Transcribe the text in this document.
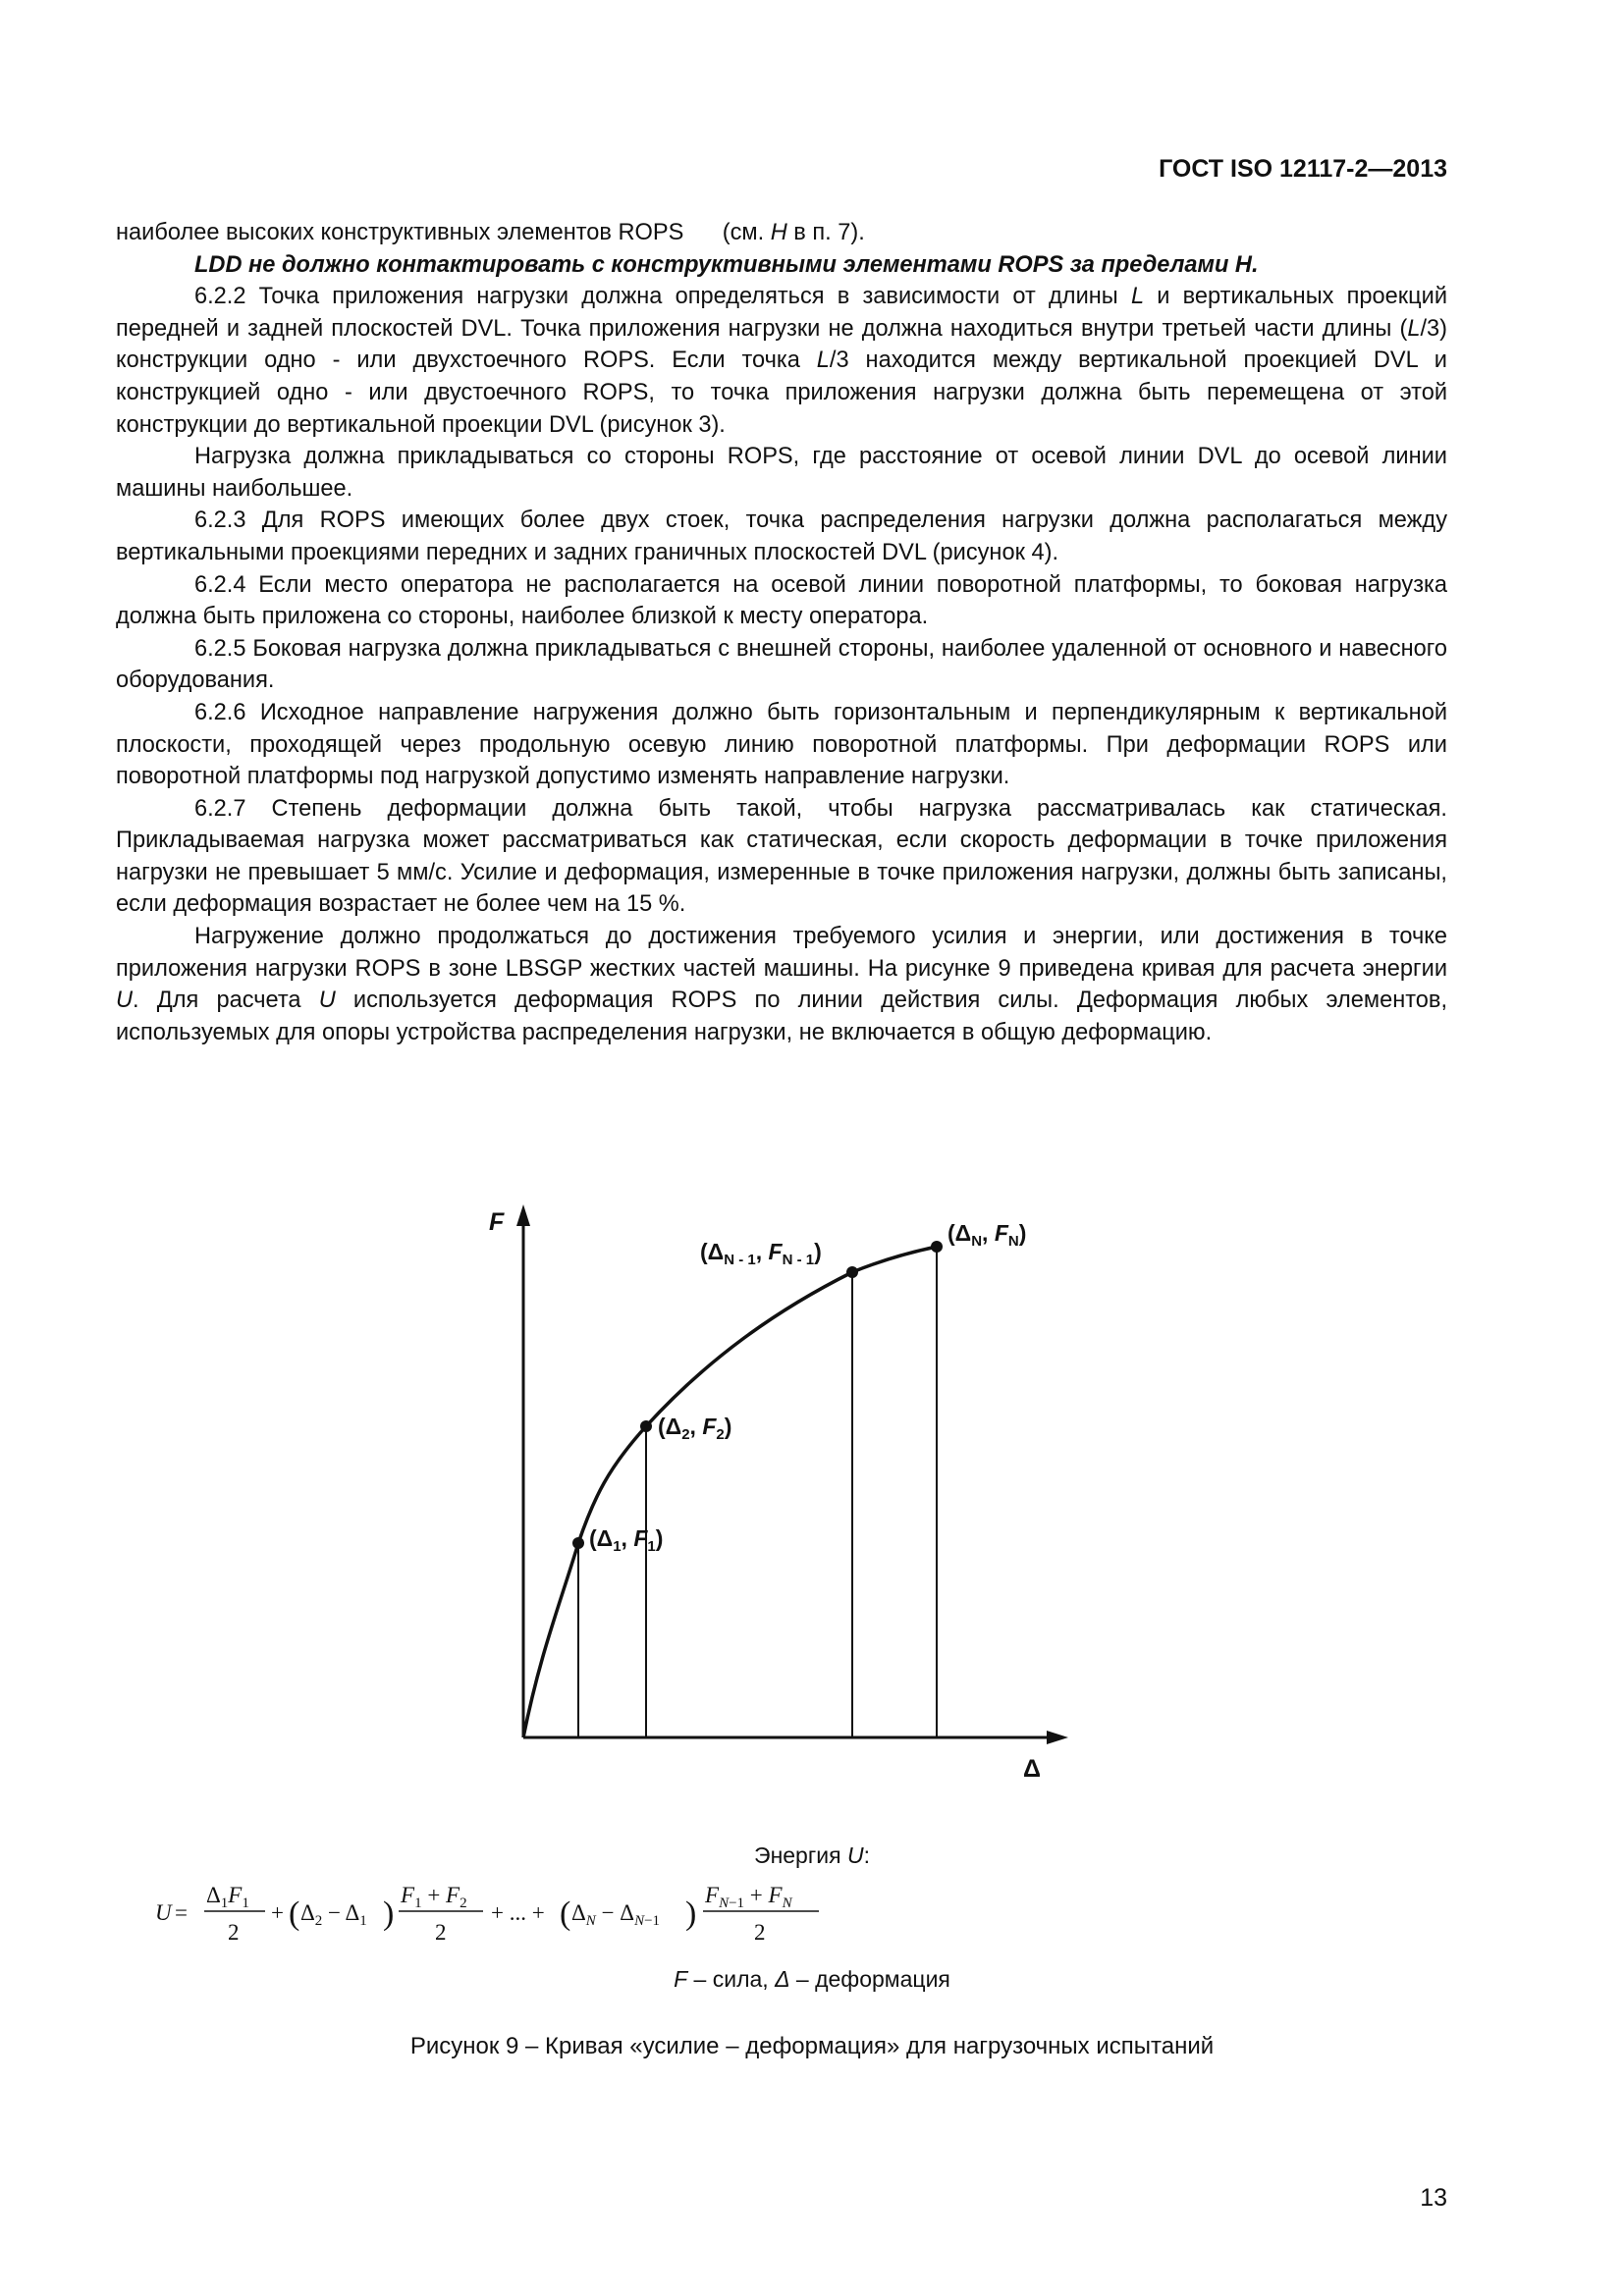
ГОСТ ISO 12117-2—2013

наиболее высоких конструктивных элементов ROPS      (см. H в п. 7).

LDD не должно контактировать с конструктивными элементами ROPS за пределами H.

6.2.2 Точка приложения нагрузки должна определяться в зависимости от длины L и вертикальных проекций передней и задней плоскостей DVL. Точка приложения нагрузки не должна находиться внутри третьей части длины (L/3) конструкции одно - или двухстоечного ROPS. Если точка L/3 находится между вертикальной проекцией DVL и конструкцией одно - или двустоечного ROPS, то точка приложения нагрузки должна быть перемещена от этой конструкции до вертикальной проекции DVL (рисунок 3).

Нагрузка должна прикладываться со стороны ROPS, где расстояние от осевой линии DVL до осевой линии машины наибольшее.

6.2.3 Для ROPS имеющих более двух стоек, точка распределения нагрузки должна располагаться между вертикальными проекциями передних и задних граничных плоскостей DVL (рисунок 4).

6.2.4 Если место оператора не располагается на осевой линии поворотной платформы, то боковая нагрузка должна быть приложена со стороны, наиболее близкой к месту оператора.

6.2.5 Боковая нагрузка должна прикладываться с внешней стороны, наиболее удаленной от основного и навесного оборудования.

6.2.6 Исходное направление нагружения должно быть горизонтальным и перпендикулярным к вертикальной плоскости, проходящей через продольную осевую линию поворотной платформы. При деформации ROPS или поворотной платформы под нагрузкой допустимо изменять направление нагрузки.

6.2.7 Степень деформации должна быть такой, чтобы нагрузка рассматривалась как статическая. Прикладываемая нагрузка может рассматриваться как статическая, если скорость деформации в точке приложения нагрузки не превышает 5 мм/с. Усилие и деформация, измеренные в точке приложения нагрузки, должны быть записаны, если деформация возрастает не более чем на 15 %.

Нагружение должно продолжаться до достижения требуемого усилия и энергии, или достижения в точке приложения нагрузки ROPS в зоне LBSGP жестких частей машины. На рисунке 9 приведена кривая для расчета энергии U. Для расчета U используется деформация ROPS по линии действия силы. Деформация любых элементов, используемых для опоры устройства распределения нагрузки, не включается в общую деформацию.

F
Δ
($\Delta_1$, $F_1$)
($\Delta_2$, $F_2$)
($\Delta_{N - 1}$, $F_{N - 1}$)
($\Delta_N$, $F_N$)
Энергия U:
U =
$\Delta_1F_1$
2
+ ( $\Delta_2 - \Delta_1$ )
$F_1 + F_2$
2
+ ... + ( $\Delta_N - \Delta_N-1$ )
$F_N-1 + F_N$
2
F – сила, Δ – деформация
Рисунок 9 – Кривая «усилие – деформация» для нагрузочных испытаний
13
